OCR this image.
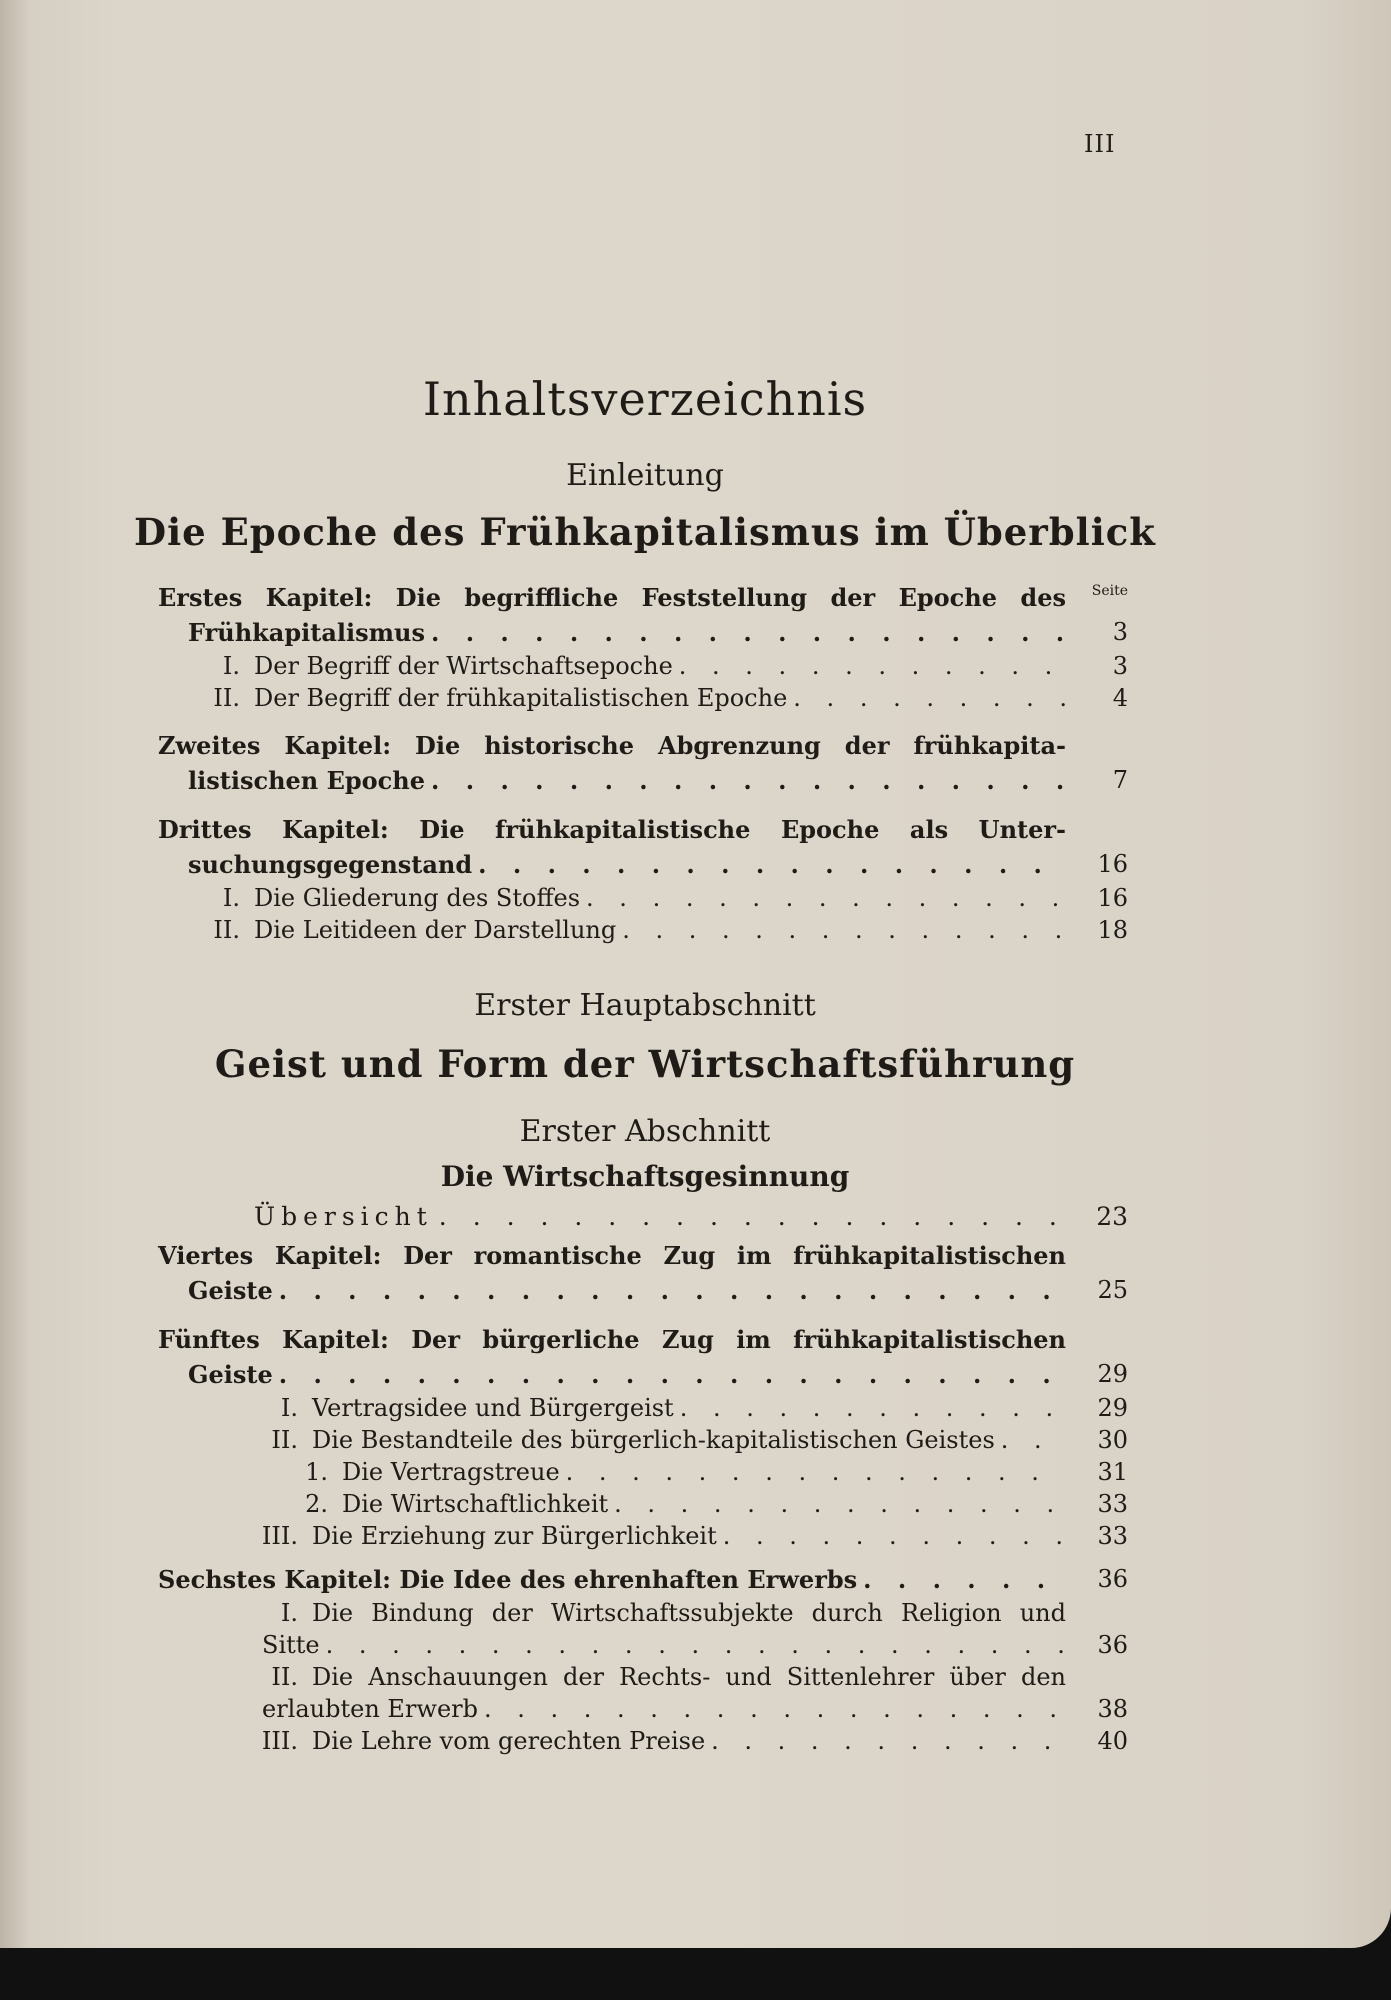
III
Inhaltsverzeichnis
Einleitung
Die Epoche des Frühkapitalismus im Überblick
Seite
Erstes Kapitel: Die begriffliche Feststellung der Epoche des
Frühkapitalismus . . .	3
I. Der Begriff der Wirtschaftsepoche . . .	3
II. Der Begriff der frühkapitalistischen Epoche . . .	4
Zweites Kapitel: Die historische Abgrenzung der frühkapita-
listischen Epoche . . .	7
Drittes Kapitel: Die frühkapitalistische Epoche als Unter-
suchungsgegenstand . . .	16
I. Die Gliederung des Stoffes . . .	16
II. Die Leitideen der Darstellung . . .	18
Erster Hauptabschnitt
Geist und Form der Wirtschaftsführung
Erster Abschnitt
Die Wirtschaftsgesinnung
Übersicht . . .	23
Viertes Kapitel: Der romantische Zug im frühkapitalistischen
Geiste . . .	25
Fünftes Kapitel: Der bürgerliche Zug im frühkapitalistischen
Geiste . . .	29
I. Vertragsidee und Bürgergeist . . .	29
II. Die Bestandteile des bürgerlich-kapitalistischen Geistes . . .	30
1. Die Vertragstreue . . .	31
2. Die Wirtschaftlichkeit . . .	33
III. Die Erziehung zur Bürgerlichkeit . . .	33
Sechstes Kapitel: Die Idee des ehrenhaften Erwerbs . . .	36
I. Die Bindung der Wirtschaftssubjekte durch Religion und
Sitte . . .	36
II. Die Anschauungen der Rechts- und Sittenlehrer über den
erlaubten Erwerb . . .	38
III. Die Lehre vom gerechten Preise . . .	40
